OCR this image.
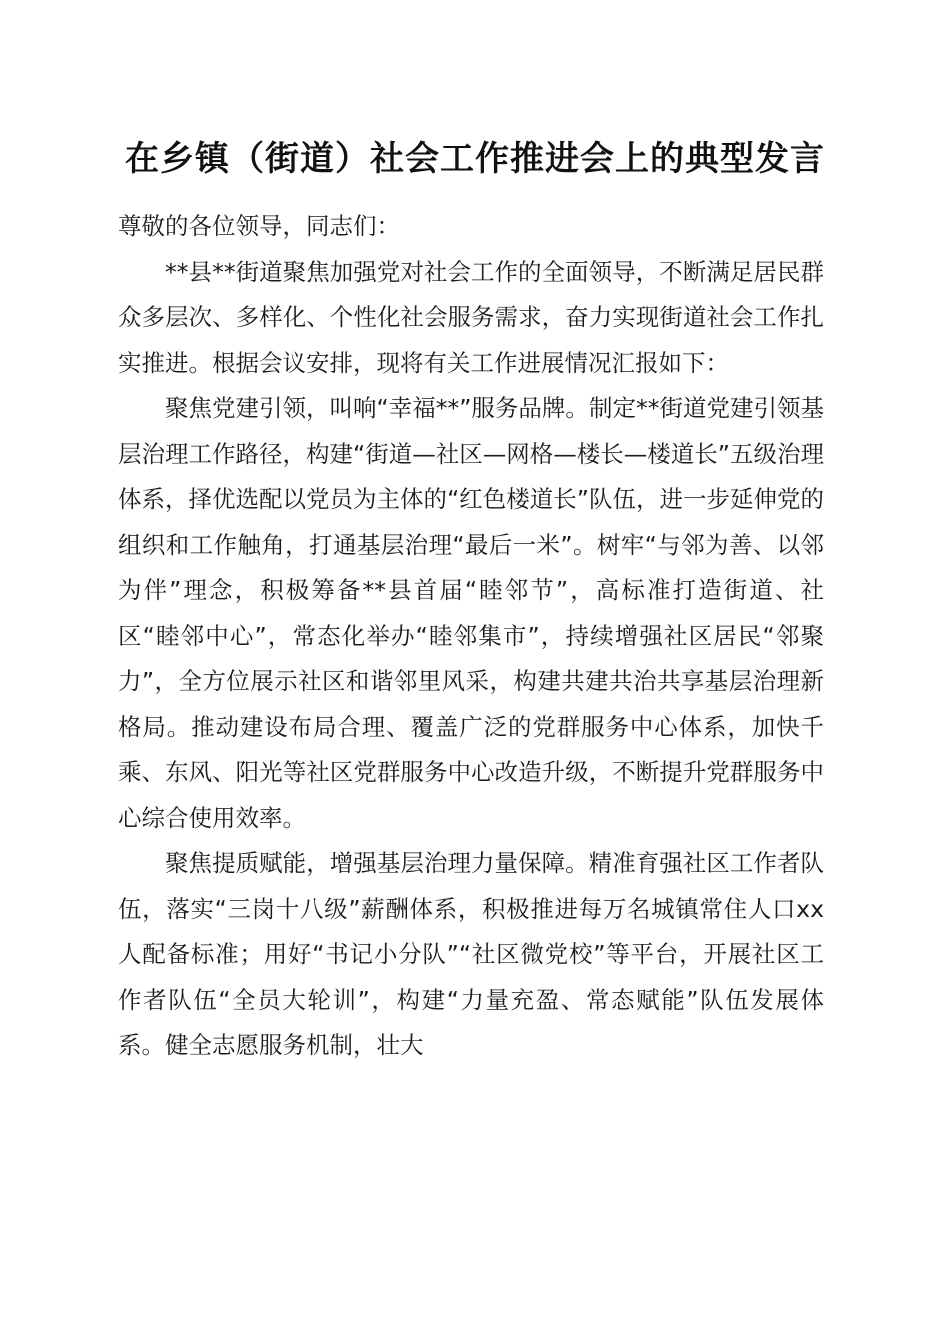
在乡镇（街道）社会工作推进会上的典型发言

尊敬的各位领导，同志们：

**县**街道聚焦加强党对社会工作的全面领导，不断满足居民群众多层次、多样化、个性化社会服务需求，奋力实现街道社会工作扎实推进。根据会议安排，现将有关工作进展情况汇报如下：

聚焦党建引领，叫响“幸福**”服务品牌。制定**街道党建引领基层治理工作路径，构建“街道—社区—网格—楼长—楼道长”五级治理体系，择优选配以党员为主体的“红色楼道长”队伍，进一步延伸党的组织和工作触角，打通基层治理“最后一米”。树牢“与邻为善、以邻为伴”理念，积极筹备**县首届“睦邻节”，高标准打造街道、社区“睦邻中心”，常态化举办“睦邻集市”，持续增强社区居民“邻聚力”，全方位展示社区和谐邻里风采，构建共建共治共享基层治理新格局。推动建设布局合理、覆盖广泛的党群服务中心体系，加快千乘、东风、阳光等社区党群服务中心改造升级，不断提升党群服务中心综合使用效率。

聚焦提质赋能，增强基层治理力量保障。精准育强社区工作者队伍，落实“三岗十八级”薪酬体系，积极推进每万名城镇常住人口xx人配备标准；用好“书记小分队”“社区微党校”等平台，开展社区工作者队伍“全员大轮训”，构建“力量充盈、常态赋能”队伍发展体系。健全志愿服务机制，壮大
